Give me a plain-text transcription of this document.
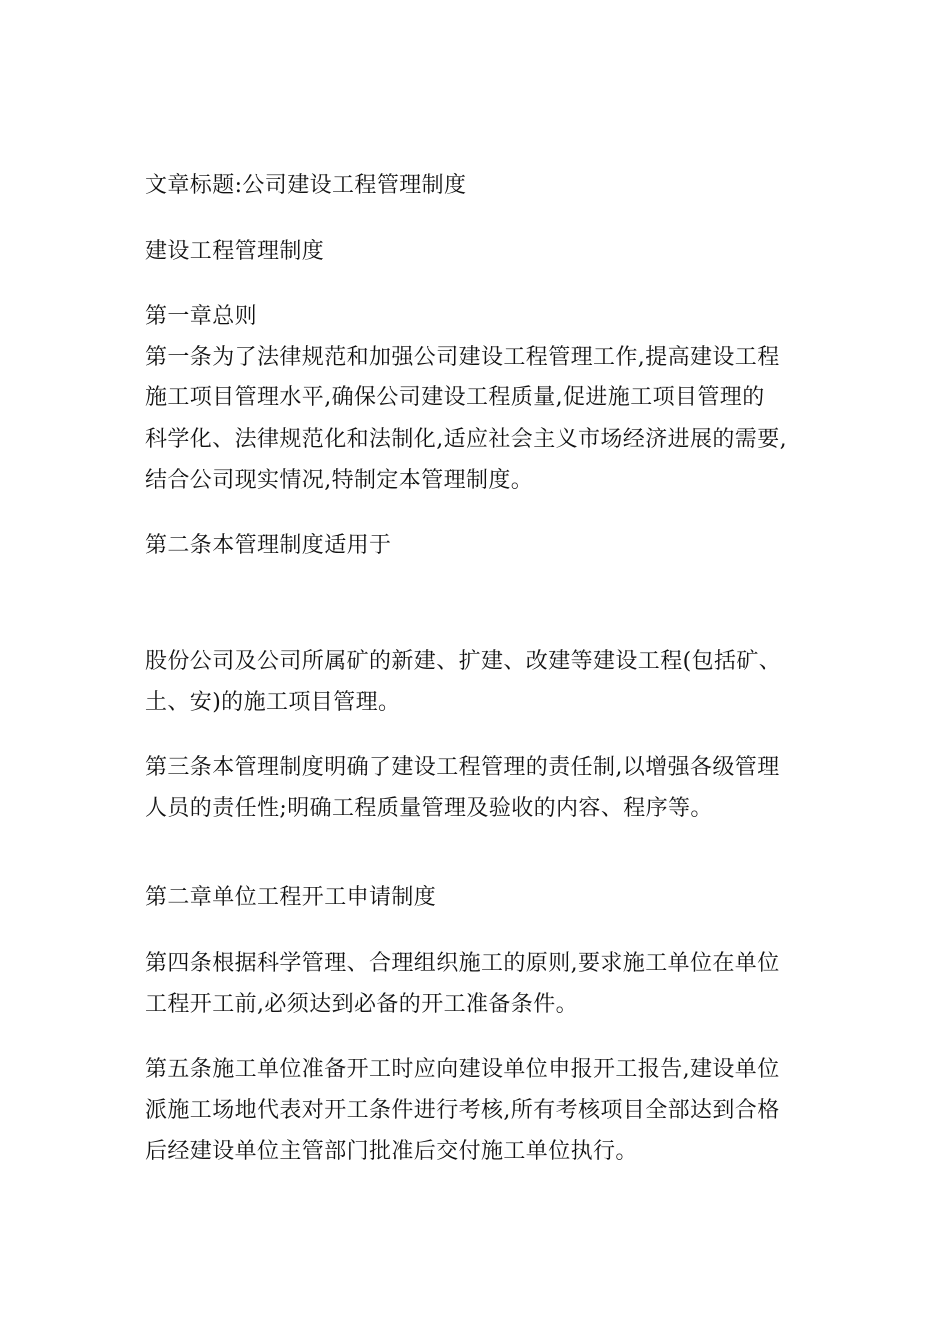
文章标题:公司建设工程管理制度

建设工程管理制度

第一章总则

第一条为了法律规范和加强公司建设工程管理工作,提高建设工程

施工项目管理水平,确保公司建设工程质量,促进施工项目管理的

科学化、法律规范化和法制化,适应社会主义市场经济进展的需要,

结合公司现实情况,特制定本管理制度。

第二条本管理制度适用于

股份公司及公司所属矿的新建、扩建、改建等建设工程(包括矿、

土、安)的施工项目管理。

第三条本管理制度明确了建设工程管理的责任制,以增强各级管理

人员的责任性;明确工程质量管理及验收的内容、程序等。

第二章单位工程开工申请制度

第四条根据科学管理、合理组织施工的原则,要求施工单位在单位

工程开工前,必须达到必备的开工准备条件。

第五条施工单位准备开工时应向建设单位申报开工报告,建设单位

派施工场地代表对开工条件进行考核,所有考核项目全部达到合格

后经建设单位主管部门批准后交付施工单位执行。
